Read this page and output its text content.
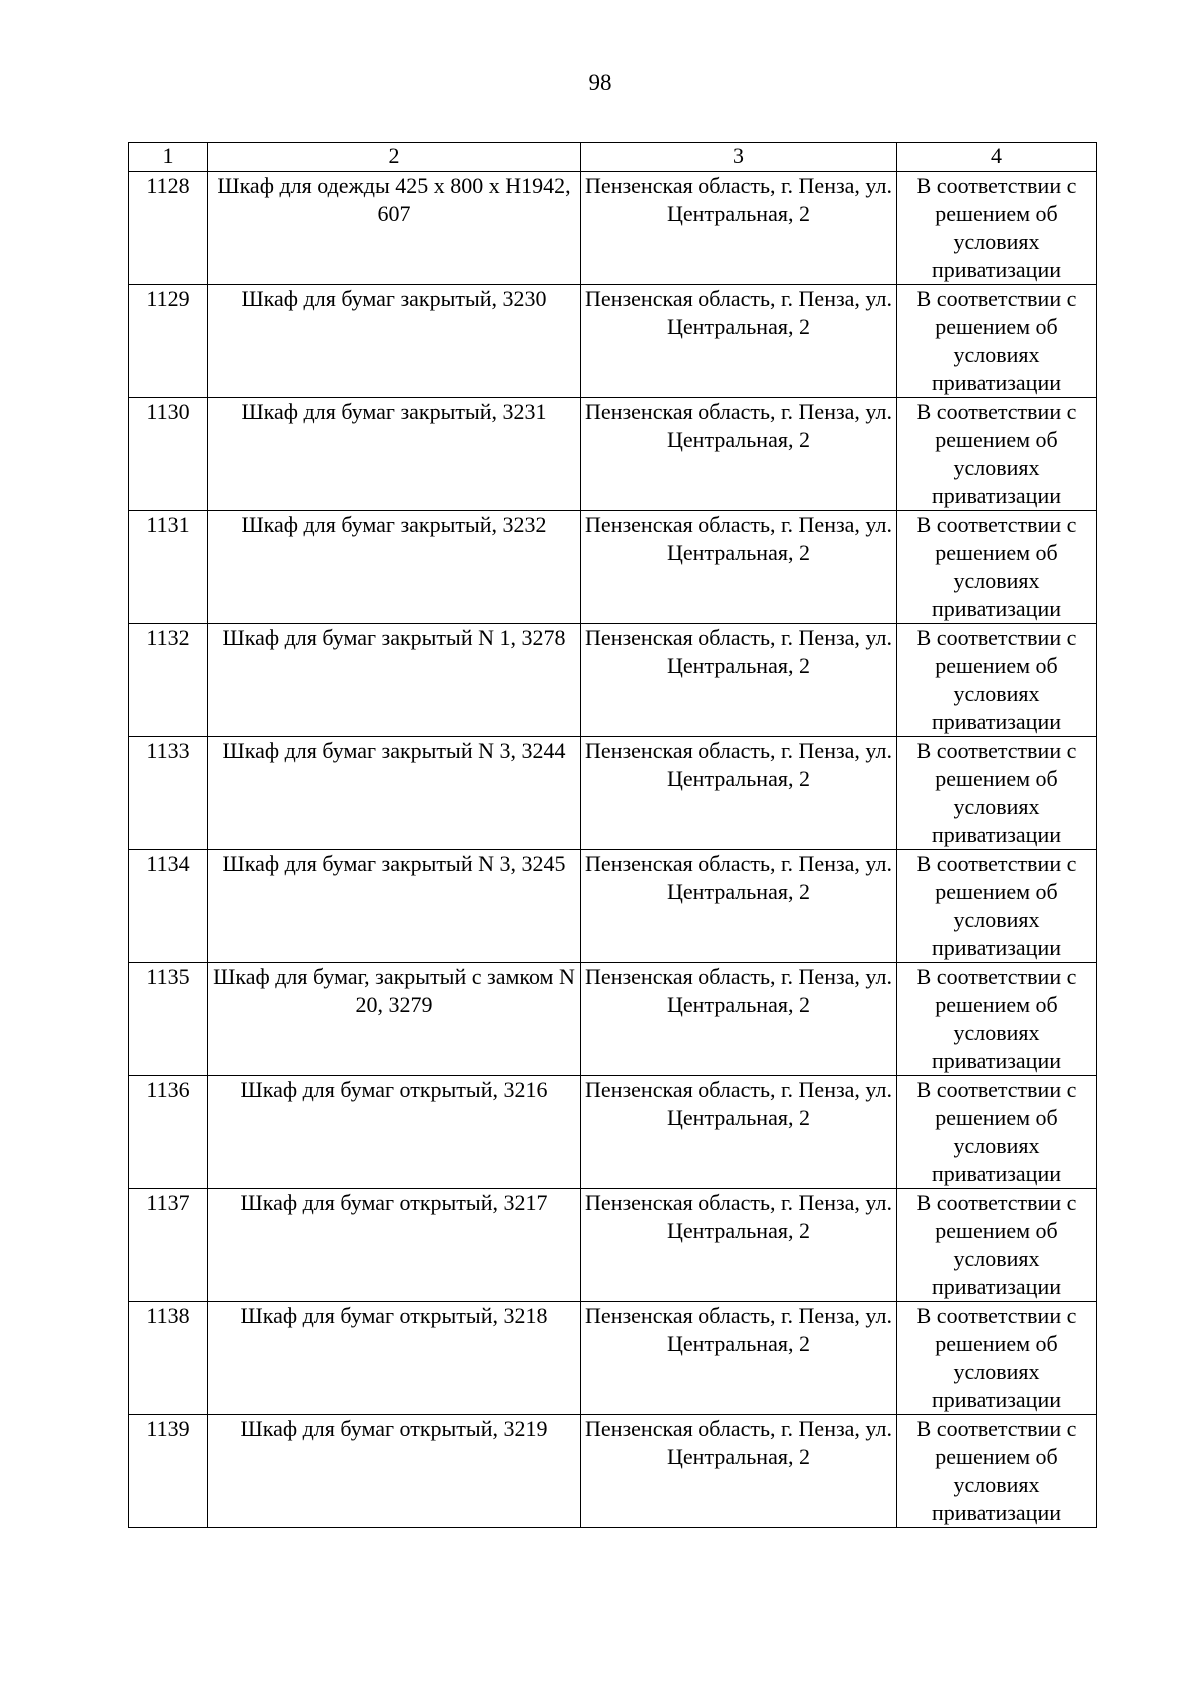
98
1	2	3	4
1128	Шкаф для одежды 425 x 800 x H1942, 607	Пензенская область, г. Пенза, ул. Центральная, 2	В соответствии с решением об условиях приватизации
1129	Шкаф для бумаг закрытый, 3230	Пензенская область, г. Пенза, ул. Центральная, 2	В соответствии с решением об условиях приватизации
1130	Шкаф для бумаг закрытый, 3231	Пензенская область, г. Пенза, ул. Центральная, 2	В соответствии с решением об условиях приватизации
1131	Шкаф для бумаг закрытый, 3232	Пензенская область, г. Пенза, ул. Центральная, 2	В соответствии с решением об условиях приватизации
1132	Шкаф для бумаг закрытый N 1, 3278	Пензенская область, г. Пенза, ул. Центральная, 2	В соответствии с решением об условиях приватизации
1133	Шкаф для бумаг закрытый N 3, 3244	Пензенская область, г. Пенза, ул. Центральная, 2	В соответствии с решением об условиях приватизации
1134	Шкаф для бумаг закрытый N 3, 3245	Пензенская область, г. Пенза, ул. Центральная, 2	В соответствии с решением об условиях приватизации
1135	Шкаф для бумаг, закрытый с замком N 20, 3279	Пензенская область, г. Пенза, ул. Центральная, 2	В соответствии с решением об условиях приватизации
1136	Шкаф для бумаг открытый, 3216	Пензенская область, г. Пенза, ул. Центральная, 2	В соответствии с решением об условиях приватизации
1137	Шкаф для бумаг открытый, 3217	Пензенская область, г. Пенза, ул. Центральная, 2	В соответствии с решением об условиях приватизации
1138	Шкаф для бумаг открытый, 3218	Пензенская область, г. Пенза, ул. Центральная, 2	В соответствии с решением об условиях приватизации
1139	Шкаф для бумаг открытый, 3219	Пензенская область, г. Пенза, ул. Центральная, 2	В соответствии с решением об условиях приватизации
